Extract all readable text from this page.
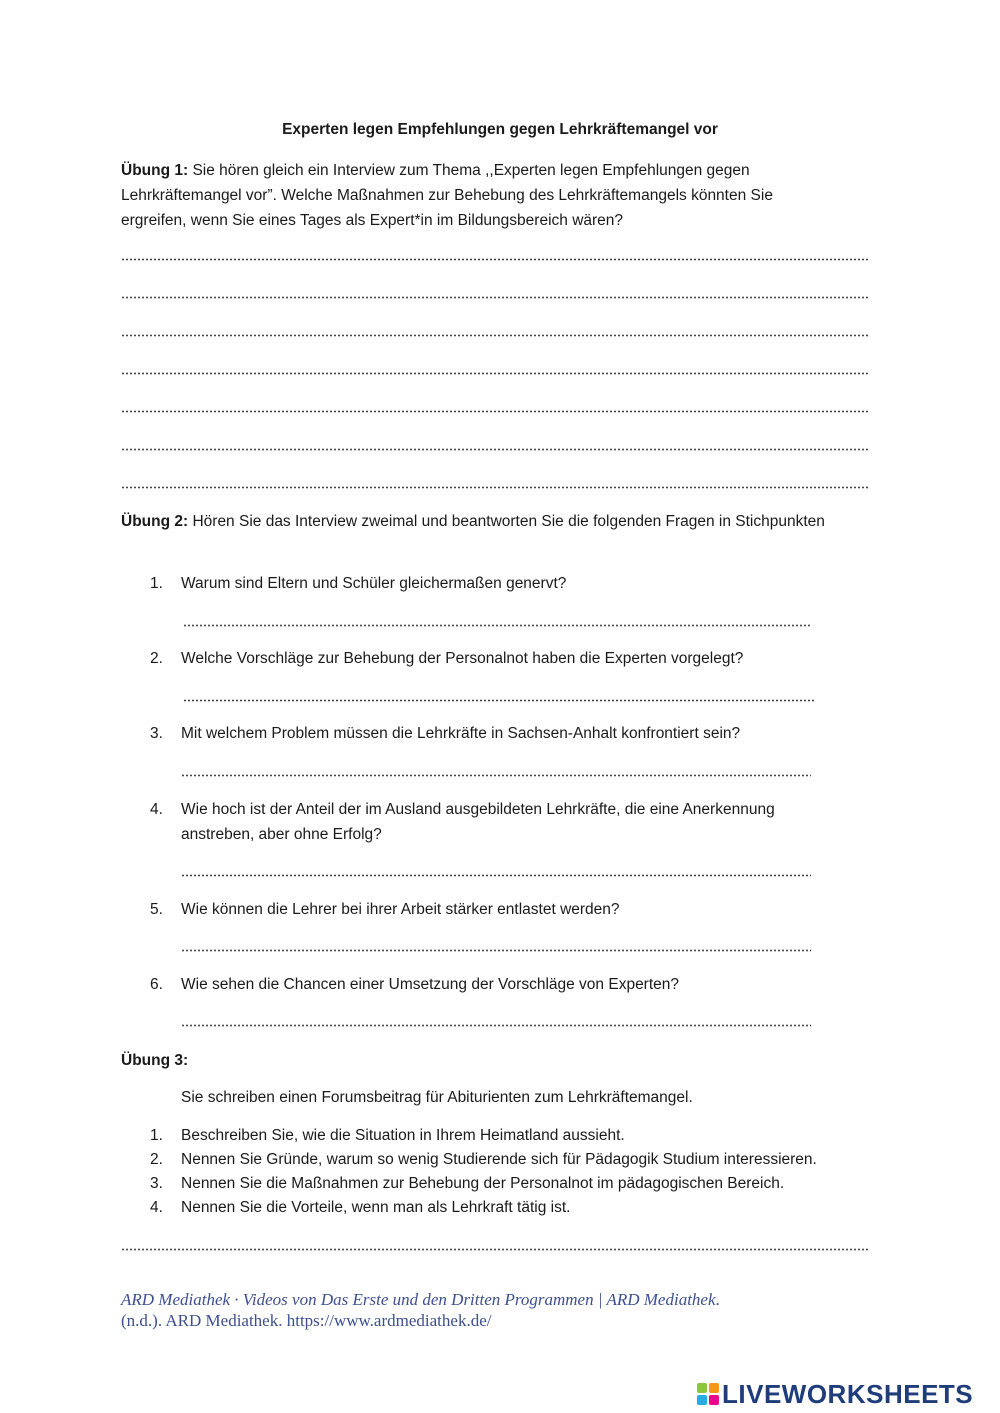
Experten legen Empfehlungen gegen Lehrkräftemangel vor
Übung 1: Sie hören gleich ein Interview zum Thema ,,Experten legen Empfehlungen gegen Lehrkräftemangel vor”. Welche Maßnahmen zur Behebung des Lehrkräftemangels könnten Sie ergreifen, wenn Sie eines Tages als Expert*in im Bildungsbereich wären?
Übung 2: Hören Sie das Interview zweimal und beantworten Sie die folgenden Fragen in Stichpunkten
1.	Warum sind Eltern und Schüler gleichermaßen genervt?
2.	Welche Vorschläge zur Behebung der Personalnot haben die Experten vorgelegt?
3.	Mit welchem Problem müssen die Lehrkräfte in Sachsen-Anhalt konfrontiert sein?
4.	Wie hoch ist der Anteil der im Ausland ausgebildeten Lehrkräfte, die eine Anerkennung anstreben, aber ohne Erfolg?
5.	Wie können die Lehrer bei ihrer Arbeit stärker entlastet werden?
6.	Wie sehen die Chancen einer Umsetzung der Vorschläge von Experten?
Übung 3:
Sie schreiben einen Forumsbeitrag für Abiturienten zum Lehrkräftemangel.
1. Beschreiben Sie, wie die Situation in Ihrem Heimatland aussieht.
2. Nennen Sie Gründe, warum so wenig Studierende sich für Pädagogik Studium interessieren.
3. Nennen Sie die Maßnahmen zur Behebung der Personalnot im pädagogischen Bereich.
4. Nennen Sie die Vorteile, wenn man als Lehrkraft tätig ist.
ARD Mediathek · Videos von Das Erste und den Dritten Programmen | ARD Mediathek.
(n.d.). ARD Mediathek. https://www.ardmediathek.de/
LIVEWORKSHEETS
